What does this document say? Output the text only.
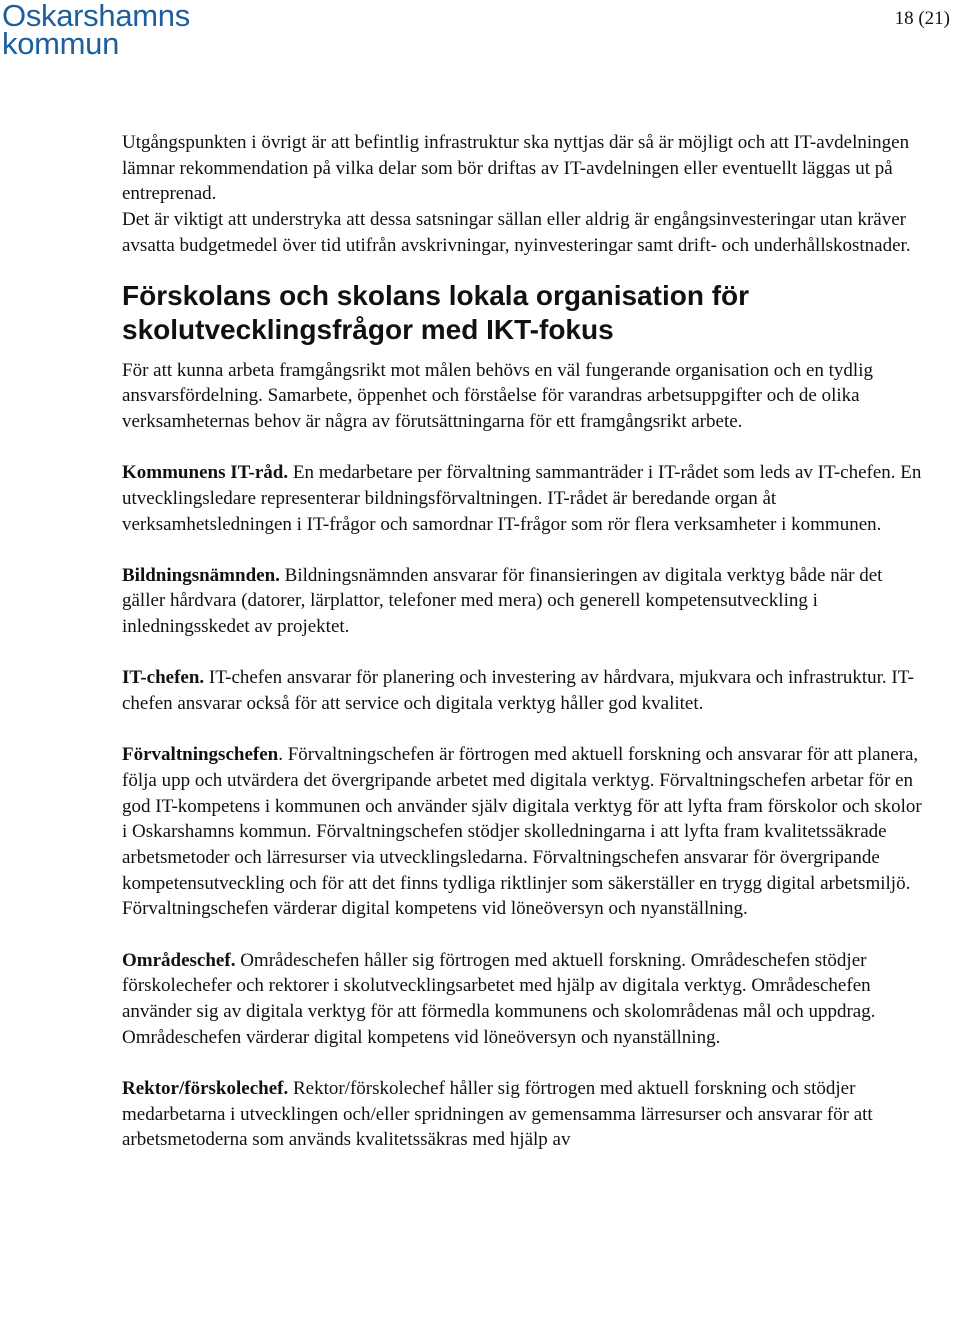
Oskarshamns
kommun
18 (21)

Utgångspunkten i övrigt är att befintlig infrastruktur ska nyttjas där så är möjligt och att IT-avdelningen lämnar rekommendation på vilka delar som bör driftas av IT-avdelningen eller eventuellt läggas ut på entreprenad.

Det är viktigt att understryka att dessa satsningar sällan eller aldrig är engångsinvesteringar utan kräver avsatta budgetmedel över tid utifrån avskrivningar, nyinvesteringar samt drift- och underhållskostnader.

Förskolans och skolans lokala organisation för skolutvecklingsfrågor med IKT-fokus

För att kunna arbeta framgångsrikt mot målen behövs en väl fungerande organisation och en tydlig ansvarsfördelning. Samarbete, öppenhet och förståelse för varandras arbetsuppgifter och de olika verksamheternas behov är några av förutsättningarna för ett framgångsrikt arbete.

Kommunens IT-råd. En medarbetare per förvaltning sammanträder i IT-rådet som leds av IT-chefen. En utvecklingsledare representerar bildningsförvaltningen. IT-rådet är beredande organ åt verksamhetsledningen i IT-frågor och samordnar IT-frågor som rör flera verksamheter i kommunen.

Bildningsnämnden. Bildningsnämnden ansvarar för finansieringen av digitala verktyg både när det gäller hårdvara (datorer, lärplattor, telefoner med mera) och generell kompetensutveckling i inledningsskedet av projektet.

IT-chefen. IT-chefen ansvarar för planering och investering av hårdvara, mjukvara och infrastruktur. IT-chefen ansvarar också för att service och digitala verktyg håller god kvalitet.

Förvaltningschefen. Förvaltningschefen är förtrogen med aktuell forskning och ansvarar för att planera, följa upp och utvärdera det övergripande arbetet med digitala verktyg. Förvaltningschefen arbetar för en god IT-kompetens i kommunen och använder själv digitala verktyg för att lyfta fram förskolor och skolor i Oskarshamns kommun. Förvaltningschefen stödjer skolledningarna i att lyfta fram kvalitetssäkrade arbetsmetoder och lärresurser via utvecklingsledarna. Förvaltningschefen ansvarar för övergripande kompetensutveckling och för att det finns tydliga riktlinjer som säkerställer en trygg digital arbetsmiljö. Förvaltningschefen värderar digital kompetens vid löneöversyn och nyanställning.

Områdeschef. Områdeschefen håller sig förtrogen med aktuell forskning. Områdeschefen stödjer förskolechefer och rektorer i skolutvecklingsarbetet med hjälp av digitala verktyg. Områdeschefen använder sig av digitala verktyg för att förmedla kommunens och skolområdenas mål och uppdrag. Områdeschefen värderar digital kompetens vid löneöversyn och nyanställning.

Rektor/förskolechef. Rektor/förskolechef håller sig förtrogen med aktuell forskning och stödjer medarbetarna i utvecklingen och/eller spridningen av gemensamma lärresurser och ansvarar för att arbetsmetoderna som används kvalitetssäkras med hjälp av
